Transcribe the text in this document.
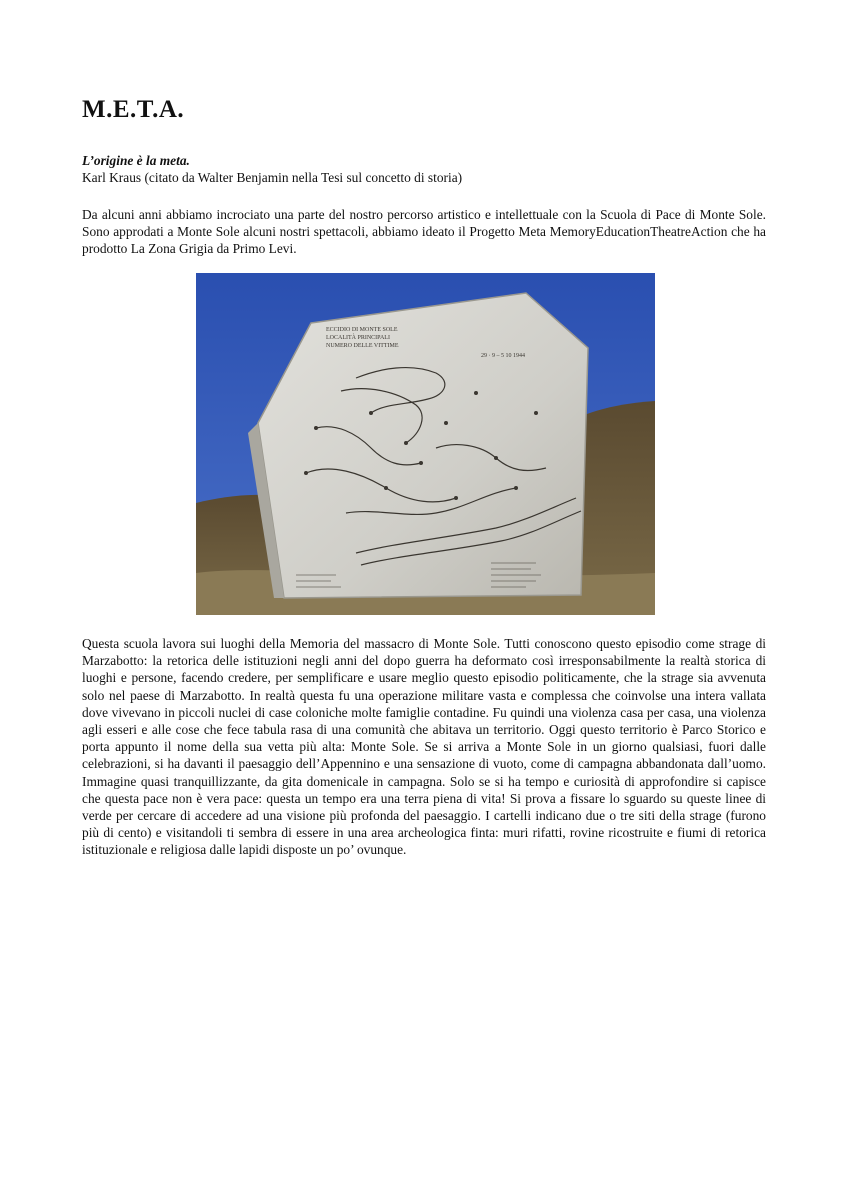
M.E.T.A.
L’origine è la meta.
Karl Kraus (citato da Walter Benjamin nella Tesi sul concetto di storia)

Da alcuni anni abbiamo incrociato una parte del nostro percorso artistico e intellettuale con la Scuola di Pace di Monte Sole. Sono approdati a Monte Sole alcuni nostri spettacoli, abbiamo ideato il Progetto Meta MemoryEducationTheatreAction che ha prodotto La Zona Grigia da Primo Levi.

ECCIDIO DI MONTE SOLE
LOCALITÀ PRINCIPALI
NUMERO DELLE VITTIME
29 · 9 – 5 10 1944

Questa scuola lavora sui luoghi della Memoria del massacro di Monte Sole. Tutti conoscono questo episodio come strage di Marzabotto: la retorica delle istituzioni negli anni del dopo guerra ha deformato così irresponsabilmente la realtà storica di luoghi e persone, facendo credere, per semplificare e usare meglio questo episodio politicamente, che la strage sia avvenuta solo nel paese di Marzabotto. In realtà questa fu una operazione militare vasta e complessa che coinvolse una intera vallata dove vivevano in piccoli nuclei di case coloniche molte famiglie contadine. Fu quindi una violenza casa per casa, una violenza agli esseri e alle cose che fece tabula rasa di una comunità che abitava un territorio. Oggi questo territorio è Parco Storico e porta appunto il nome della sua vetta più alta: Monte Sole. Se si arriva a Monte Sole in un giorno qualsiasi, fuori dalle celebrazioni, si ha davanti il paesaggio dell’Appennino e una sensazione di vuoto, come di campagna abbandonata dall’uomo. Immagine quasi tranquillizzante, da gita domenicale in campagna. Solo se si ha tempo e curiosità di approfondire si capisce che questa pace non è vera pace: questa un tempo era una terra piena di vita! Si prova a fissare lo sguardo su queste linee di verde per cercare di accedere ad una visione più profonda del paesaggio. I cartelli indicano due o tre siti della strage (furono più di cento) e visitandoli ti sembra di essere in una area archeologica finta: muri rifatti, rovine ricostruite e fiumi di retorica istituzionale e religiosa dalle lapidi disposte un po’ ovunque.
